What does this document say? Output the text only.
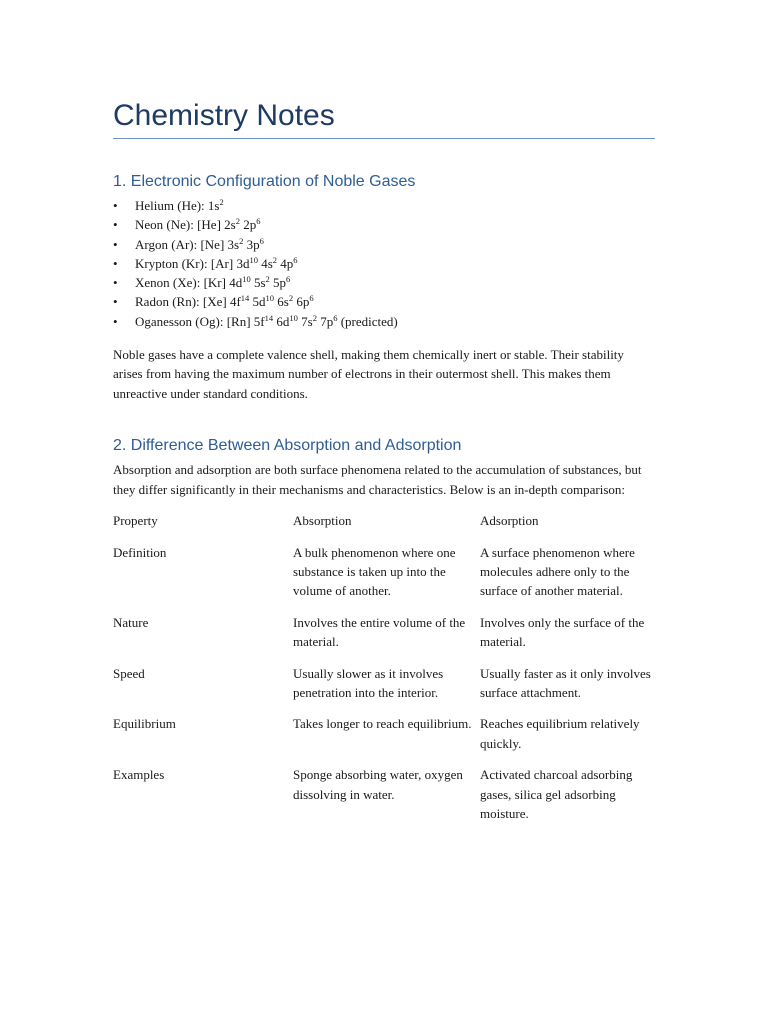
Chemistry Notes
1. Electronic Configuration of Noble Gases
• Helium (He): $1s^2$
• Neon (Ne): [He] $2s^2$ $2p^6$
• Argon (Ar): [Ne] $3s^2$ $3p^6$
• Krypton (Kr): [Ar] $3d^{10}$ $4s^2$ $4p^6$
• Xenon (Xe): [Kr] $4d^{10}$ $5s^2$ $5p^6$
• Radon (Rn): [Xe] $4f^{14}$ $5d^{10}$ $6s^2$ $6p^6$
• Oganesson (Og): [Rn] $5f^{14}$ $6d^{10}$ $7s^2$ $7p^6$ (predicted)

Noble gases have a complete valence shell, making them chemically inert or stable. Their stability arises from having the maximum number of electrons in their outermost shell. This makes them unreactive under standard conditions.

2. Difference Between Absorption and Adsorption

Absorption and adsorption are both surface phenomena related to the accumulation of substances, but they differ significantly in their mechanisms and characteristics. Below is an in-depth comparison:

Property	Absorption	Adsorption
Definition	A bulk phenomenon where one substance is taken up into the volume of another.	A surface phenomenon where molecules adhere only to the surface of another material.
Nature	Involves the entire volume of the material.	Involves only the surface of the material.
Speed	Usually slower as it involves penetration into the interior.	Usually faster as it only involves surface attachment.
Equilibrium	Takes longer to reach equilibrium.	Reaches equilibrium relatively quickly.
Examples	Sponge absorbing water, oxygen dissolving in water.	Activated charcoal adsorbing gases, silica gel adsorbing moisture.
